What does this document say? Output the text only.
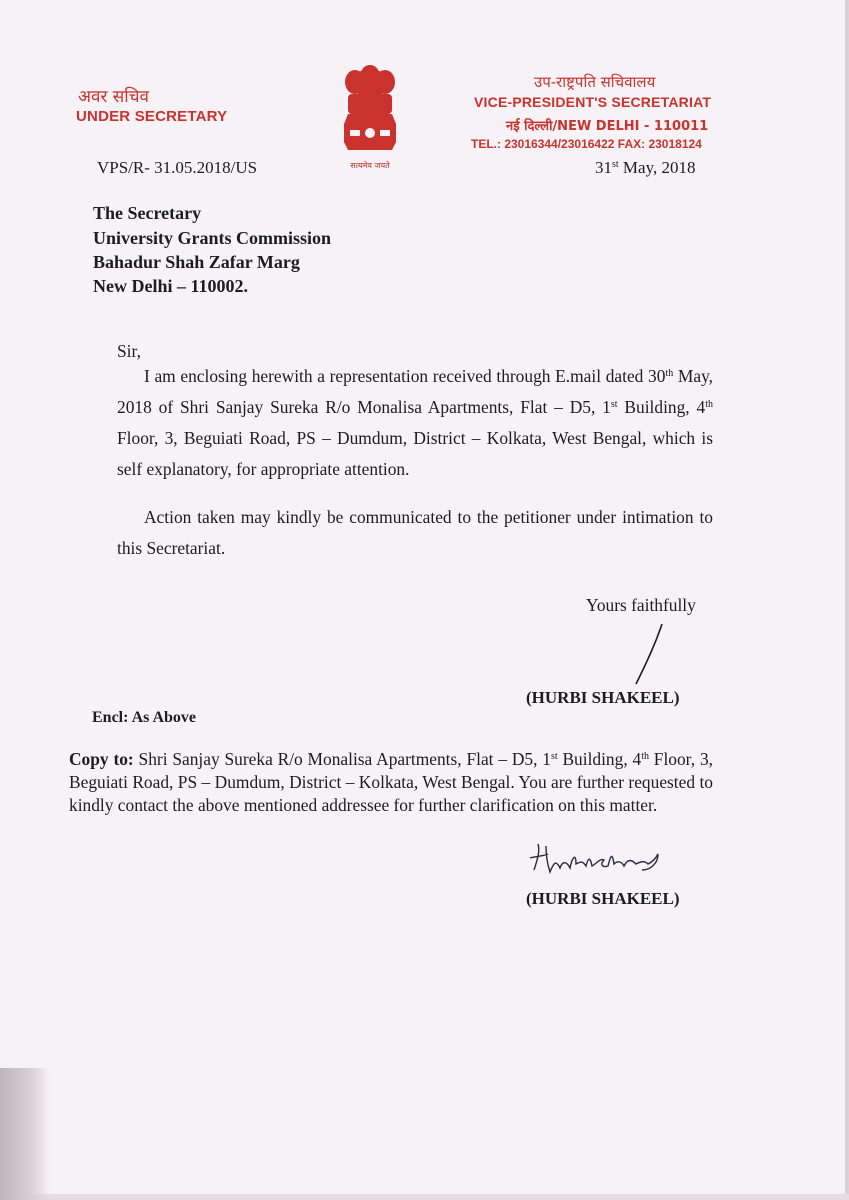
अवर सचिव
UNDER SECRETARY
उप-राष्ट्रपति सचिवालय
VICE-PRESIDENT'S SECRETARIAT
नई दिल्ली/NEW DELHI - 110011
TEL.: 23016344/23016422 FAX: 23018124
सत्यमेव जयते
VPS/R- 31.05.2018/US	31st May, 2018
The Secretary
University Grants Commission
Bahadur Shah Zafar Marg
New Delhi – 110002.
Sir,
I am enclosing herewith a representation received through E.mail dated 30th May, 2018 of Shri Sanjay Sureka R/o Monalisa Apartments, Flat – D5, 1st Building, 4th Floor, 3, Beguiati Road, PS – Dumdum, District – Kolkata, West Bengal, which is self explanatory, for appropriate attention.
Action taken may kindly be communicated to the petitioner under intimation to this Secretariat.
Yours faithfully
(HURBI SHAKEEL)
Encl: As Above
Copy to: Shri Sanjay Sureka R/o Monalisa Apartments, Flat – D5, 1st Building, 4th Floor, 3, Beguiati Road, PS – Dumdum, District – Kolkata, West Bengal. You are further requested to kindly contact the above mentioned addressee for further clarification on this matter.
(HURBI SHAKEEL)
